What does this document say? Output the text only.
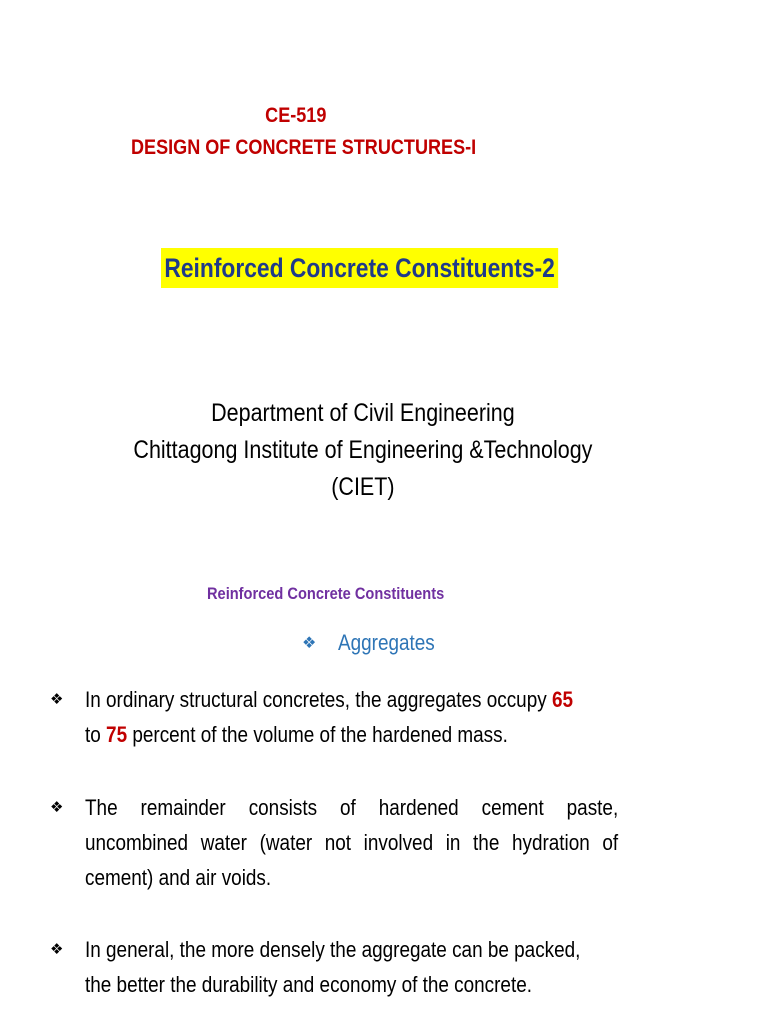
CE-519
DESIGN OF CONCRETE STRUCTURES-I
Reinforced Concrete Constituents-2
Department of Civil Engineering
Chittagong Institute of Engineering &Technology
(CIET)
Reinforced Concrete Constituents
❖ Aggregates
❖ In ordinary structural concretes, the aggregates occupy 65
to 75 percent of the volume of the hardened mass.
❖ The remainder consists of hardened cement paste,
uncombined water (water not involved in the hydration of
cement) and air voids.
❖ In general, the more densely the aggregate can be packed,
the better the durability and economy of the concrete.
